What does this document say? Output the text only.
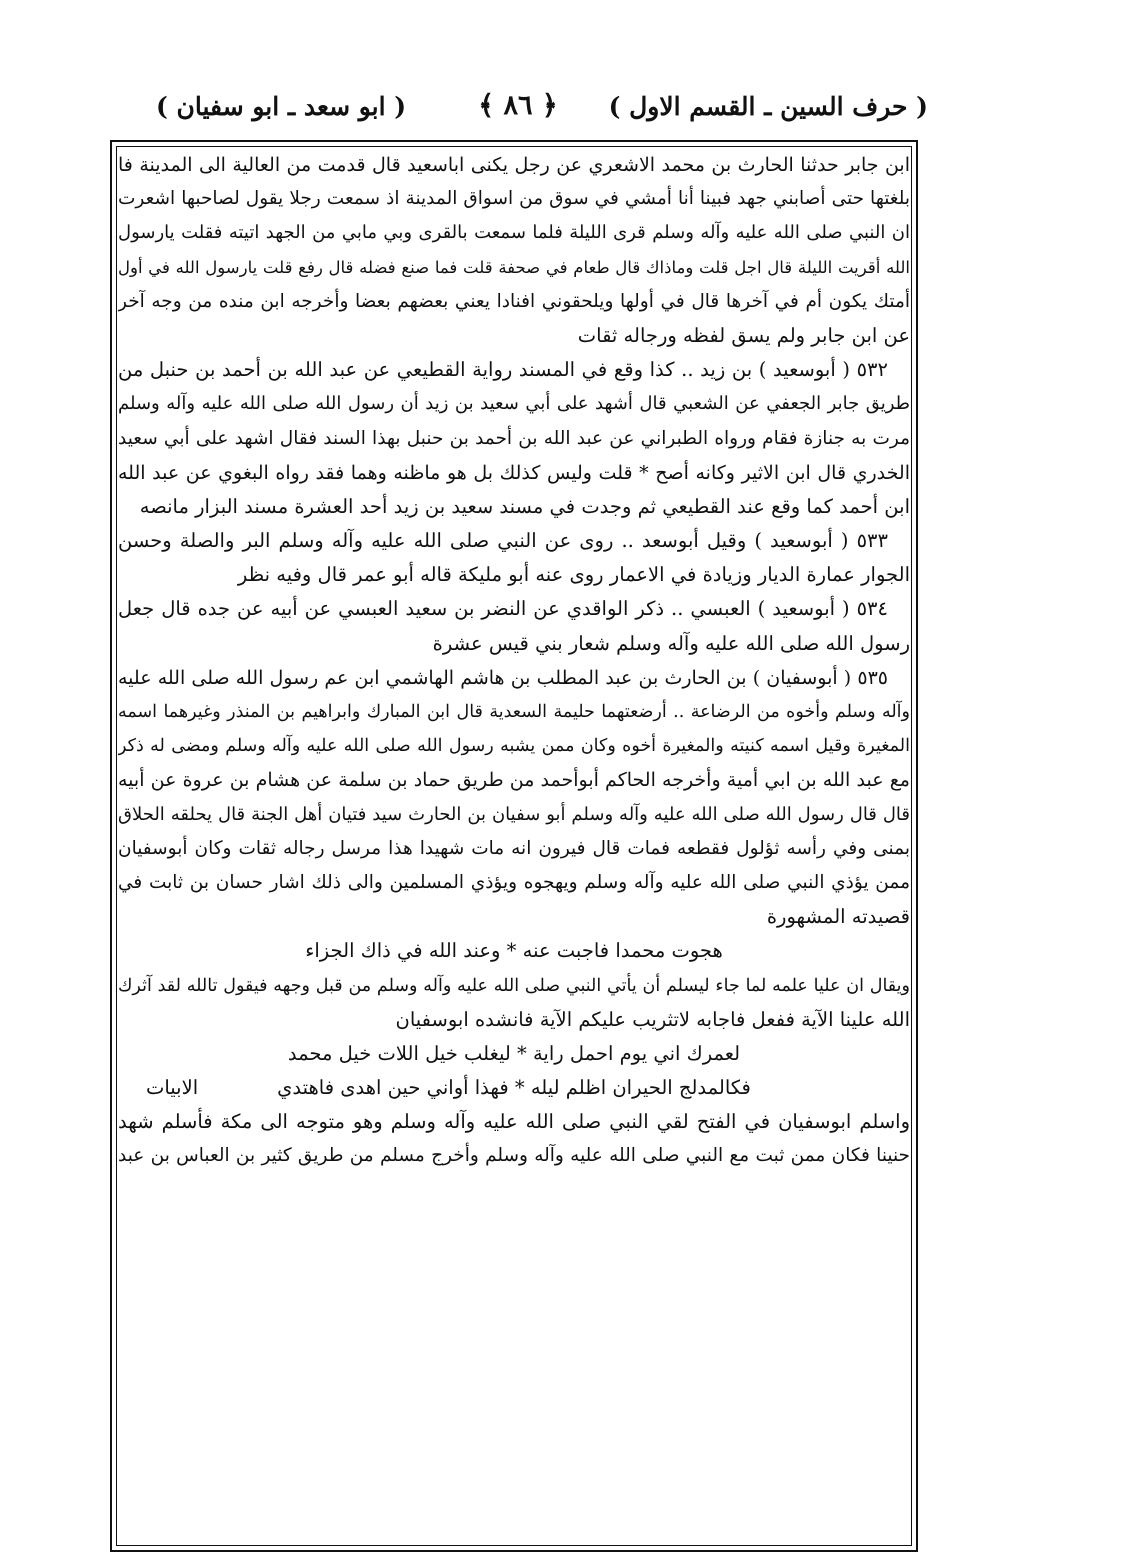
( حرف السين ـ القسم الاول )
﴿ ٨٦ ﴾
( ابو سعد ـ ابو سفيان )
ابن جابر حدثنا الحارث بن محمد الاشعري عن رجل يكنى اباسعيد قال قدمت من العالية الى المدينة فا
بلغتها حتى أصابني جهد فبينا أنا أمشي في سوق من اسواق المدينة اذ سمعت رجلا يقول لصاحبها اشعرت
ان النبي صلى الله عليه وآله وسلم قرى الليلة فلما سمعت بالقرى وبي مابي من الجهد اتيته فقلت يارسول
الله أقريت الليلة قال اجل قلت وماذاك قال طعام في صحفة قلت فما صنع فضله قال رفع قلت يارسول الله في أول
أمتك يكون أم في آخرها قال في أولها ويلحقوني افنادا يعني بعضهم بعضا وأخرجه ابن منده من وجه آخر
عن ابن جابر ولم يسق لفظه ورجاله ثقات
٥٣٢ ( أبوسعيد ) بن زيد .. كذا وقع في المسند رواية القطيعي عن عبد الله بن أحمد بن حنبل من
طريق جابر الجعفي عن الشعبي قال أشهد على أبي سعيد بن زيد أن رسول الله صلى الله عليه وآله وسلم
مرت به جنازة فقام ورواه الطبراني عن عبد الله بن أحمد بن حنبل بهذا السند فقال اشهد على أبي سعيد
الخدري قال ابن الاثير وكانه أصح * قلت وليس كذلك بل هو ماظنه وهما فقد رواه البغوي عن عبد الله
ابن أحمد كما وقع عند القطيعي ثم وجدت في مسند سعيد بن زيد أحد العشرة مسند البزار مانصه
٥٣٣ ( أبوسعيد ) وقيل أبوسعد .. روى عن النبي صلى الله عليه وآله وسلم البر والصلة وحسن
الجوار عمارة الديار وزيادة في الاعمار روى عنه أبو مليكة قاله أبو عمر قال وفيه نظر
٥٣٤ ( أبوسعيد ) العبسي .. ذكر الواقدي عن النضر بن سعيد العبسي عن أبيه عن جده قال جعل
رسول الله صلى الله عليه وآله وسلم شعار بني قيس عشرة
٥٣٥ ( أبوسفيان ) بن الحارث بن عبد المطلب بن هاشم الهاشمي ابن عم رسول الله صلى الله عليه
وآله وسلم وأخوه من الرضاعة .. أرضعتهما حليمة السعدية قال ابن المبارك وابراهيم بن المنذر وغيرهما اسمه
المغيرة وقيل اسمه كنيته والمغيرة أخوه وكان ممن يشبه رسول الله صلى الله عليه وآله وسلم ومضى له ذكر
مع عبد الله بن ابي أمية وأخرجه الحاكم أبوأحمد من طريق حماد بن سلمة عن هشام بن عروة عن أبيه
قال قال رسول الله صلى الله عليه وآله وسلم أبو سفيان بن الحارث سيد فتيان أهل الجنة قال يحلقه الحلاق
بمنى وفي رأسه ثؤلول فقطعه فمات قال فيرون انه مات شهيدا هذا مرسل رجاله ثقات وكان أبوسفيان
ممن يؤذي النبي صلى الله عليه وآله وسلم ويهجوه ويؤذي المسلمين والى ذلك اشار حسان بن ثابت في
قصيدته المشهورة
هجوت محمدا فاجبت عنه * وعند الله في ذاك الجزاء
ويقال ان عليا علمه لما جاء ليسلم أن يأتي النبي صلى الله عليه وآله وسلم من قبل وجهه فيقول تالله لقد آثرك
الله علينا الآية ففعل فاجابه لاتثريب عليكم الآية فانشده ابوسفيان
لعمرك اني يوم احمل راية * ليغلب خيل اللات خيل محمد
فكالمدلج الحيران اظلم ليله * فهذا أواني حين اهدى فاهتدي
الابيات
واسلم ابوسفيان في الفتح لقي النبي صلى الله عليه وآله وسلم وهو متوجه الى مكة فأسلم شهد
حنينا فكان ممن ثبت مع النبي صلى الله عليه وآله وسلم وأخرج مسلم من طريق كثير بن العباس بن عبد
